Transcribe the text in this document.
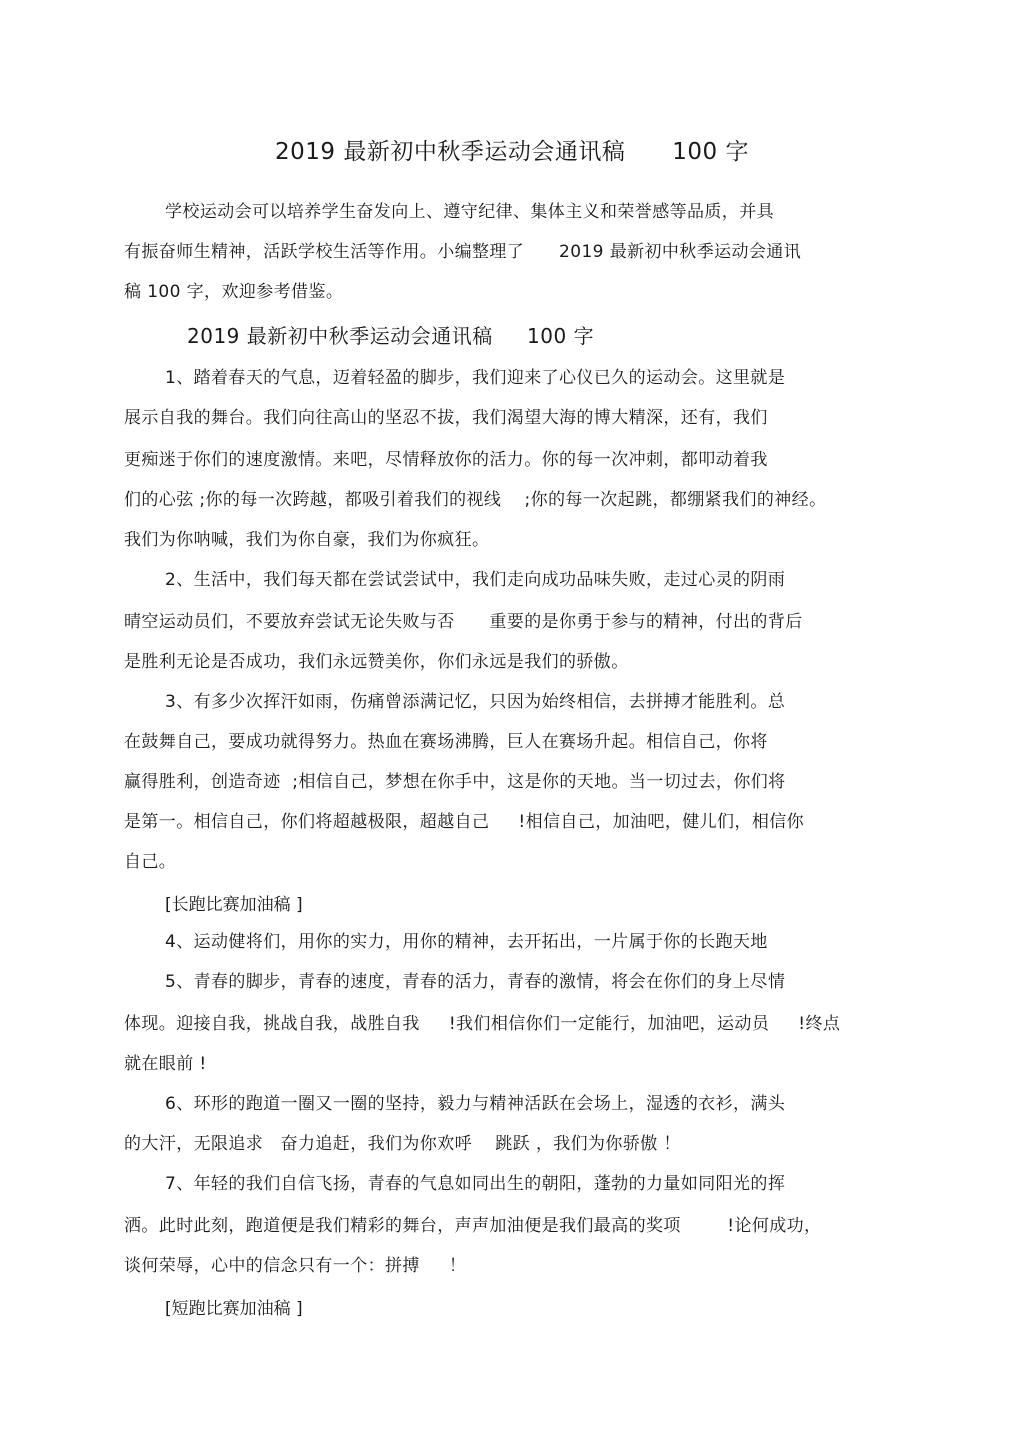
2019 最新初中秋季运动会通讯稿      100 字
学校运动会可以培养学生奋发向上、遵守纪律、集体主义和荣誉感等品质，并具
有振奋师生精神，活跃学校生活等作用。小编整理了      2019 最新初中秋季运动会通讯
稿 100 字，欢迎参考借鉴。
2019 最新初中秋季运动会通讯稿     100 字
1、踏着春天的气息，迈着轻盈的脚步，我们迎来了心仪已久的运动会。这里就是
展示自我的舞台。我们向往高山的坚忍不拔，我们渴望大海的博大精深，还有，我们
更痴迷于你们的速度激情。来吧，尽情释放你的活力。你的每一次冲刺，都叩动着我
们的心弦 ;你的每一次跨越，都吸引着我们的视线    ;你的每一次起跳，都绷紧我们的神经。
我们为你呐喊，我们为你自豪，我们为你疯狂。
2、生活中，我们每天都在尝试尝试中，我们走向成功品味失败，走过心灵的阴雨
晴空运动员们，不要放弃尝试无论失败与否      重要的是你勇于参与的精神，付出的背后
是胜利无论是否成功，我们永远赞美你，你们永远是我们的骄傲。
3、有多少次挥汗如雨，伤痛曾添满记忆，只因为始终相信，去拼搏才能胜利。总
在鼓舞自己，要成功就得努力。热血在赛场沸腾，巨人在赛场升起。相信自己，你将
赢得胜利，创造奇迹  ;相信自己，梦想在你手中，这是你的天地。当一切过去，你们将
是第一。相信自己，你们将超越极限，超越自己     !相信自己，加油吧，健儿们，相信你
自己。
[长跑比赛加油稿 ]
4、运动健将们，用你的实力，用你的精神，去开拓出，一片属于你的长跑天地
5、青春的脚步，青春的速度，青春的活力，青春的激情，将会在你们的身上尽情
体现。迎接自我，挑战自我，战胜自我     !我们相信你们一定能行，加油吧，运动员     !终点
就在眼前 !
6、环形的跑道一圈又一圈的坚持，毅力与精神活跃在会场上，湿透的衣衫，满头
的大汗，无限追求   奋力追赶，我们为你欢呼    跳跃 ，我们为你骄傲 ！
7、年轻的我们自信飞扬，青春的气息如同出生的朝阳，蓬勃的力量如同阳光的挥
洒。此时此刻，跑道便是我们精彩的舞台，声声加油便是我们最高的奖项        !论何成功，
谈何荣辱，心中的信念只有一个：拼搏     ！
[短跑比赛加油稿 ]
